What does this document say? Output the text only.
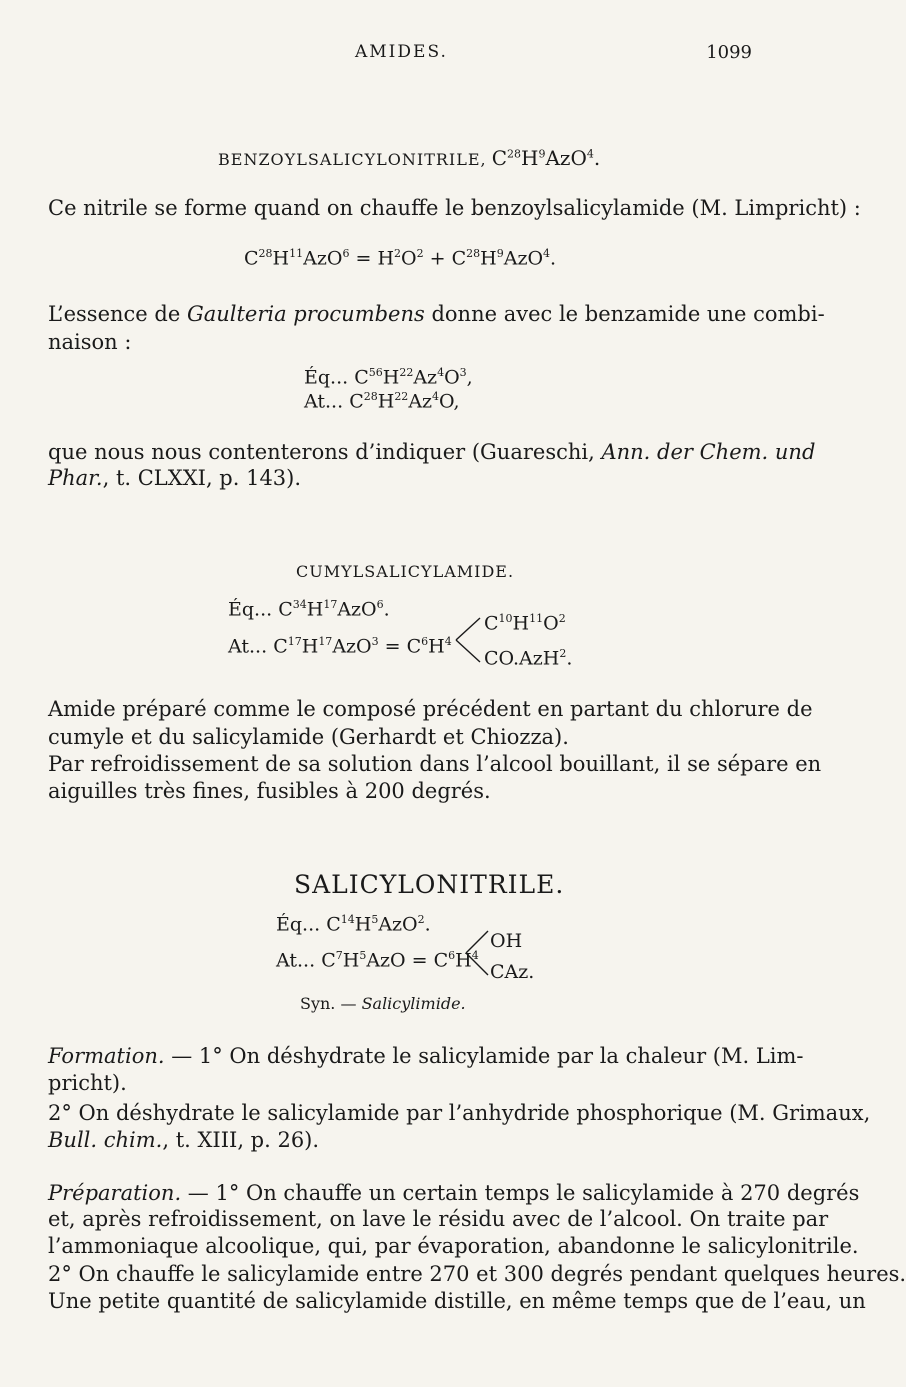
AMIDES.	1099
BENZOYLSALICYLONITRILE, $C^{28}H^9AzO^4$.
Ce nitrile se forme quand on chauffe le benzoylsalicylamide (M. Limpricht) :
$C^{28}H^{11}AzO^6 = H^2O^2 + C^{28}H^9AzO^4$.
L’essence de Gaulteria procumbens donne avec le benzamide une combi-
naison :
Éq... $C^{56}H^{22}Az^4O^3$,
At... $C^{28}H^{22}Az^4O$,
que nous nous contenterons d’indiquer (Guareschi, Ann. der Chem. und
Phar., t. CLXXI, p. 143).
CUMYLSALICYLAMIDE.
Éq... $C^{34}H^{17}AzO^6$.
At... $C^{17}H^{17}AzO^3 = C^6H^4$
$C^{10}H^{11}O^2$
CO.AzH$^2$.
Amide préparé comme le composé précédent en partant du chlorure de
cumyle et du salicylamide (Gerhardt et Chiozza).
Par refroidissement de sa solution dans l’alcool bouillant, il se sépare en
aiguilles très fines, fusibles à 200 degrés.
SALICYLONITRILE.
Éq... $C^{14}H^5AzO^2$.
At... $C^7H^5AzO = C^6H^4$
OH
CAz.
Syn. — Salicylimide.
Formation. — 1° On déshydrate le salicylamide par la chaleur (M. Lim-
pricht).
2° On déshydrate le salicylamide par l’anhydride phosphorique (M. Grimaux,
Bull. chim., t. XIII, p. 26).
Préparation. — 1° On chauffe un certain temps le salicylamide à 270 degrés
et, après refroidissement, on lave le résidu avec de l’alcool. On traite par
l’ammoniaque alcoolique, qui, par évaporation, abandonne le salicylonitrile.
2° On chauffe le salicylamide entre 270 et 300 degrés pendant quelques heures.
Une petite quantité de salicylamide distille, en même temps que de l’eau, un
